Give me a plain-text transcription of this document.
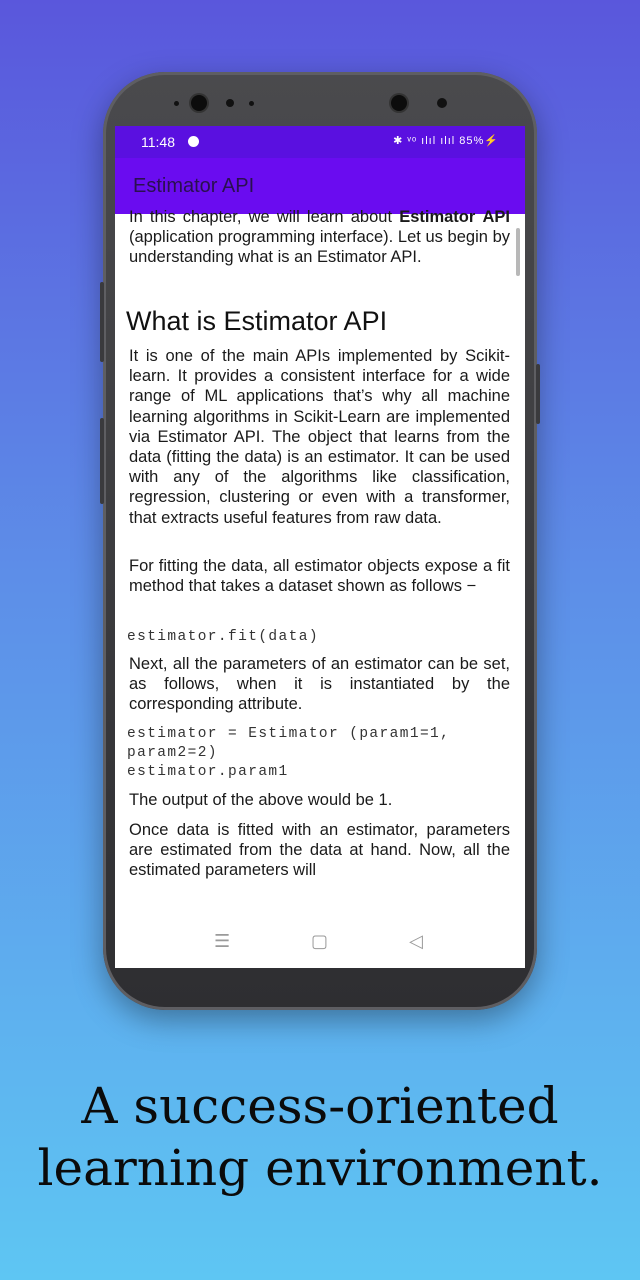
11:48	✱ ᵛᵒ ılıl ılıl 85%⚡
Estimator API

In this chapter, we will learn about Estimator API (application programming interface). Let us begin by understanding what is an Estimator API.

What is Estimator API

It is one of the main APIs implemented by Scikit-learn. It provides a consistent interface for a wide range of ML applications that’s why all machine learning algorithms in Scikit-Learn are implemented via Estimator API. The object that learns from the data (fitting the data) is an estimator. It can be used with any of the algorithms like classification, regression, clustering or even with a transformer, that extracts useful features from raw data.

For fitting the data, all estimator objects expose a fit method that takes a dataset shown as follows −

estimator.fit(data)

Next, all the parameters of an estimator can be set, as follows, when it is instantiated by the corresponding attribute.

estimator = Estimator (param1=1,
param2=2)
estimator.param1

The output of the above would be 1.

Once data is fitted with an estimator, parameters are estimated from the data at hand. Now, all the estimated parameters will

☰	▢	◁

A success-oriented

learning environment.
